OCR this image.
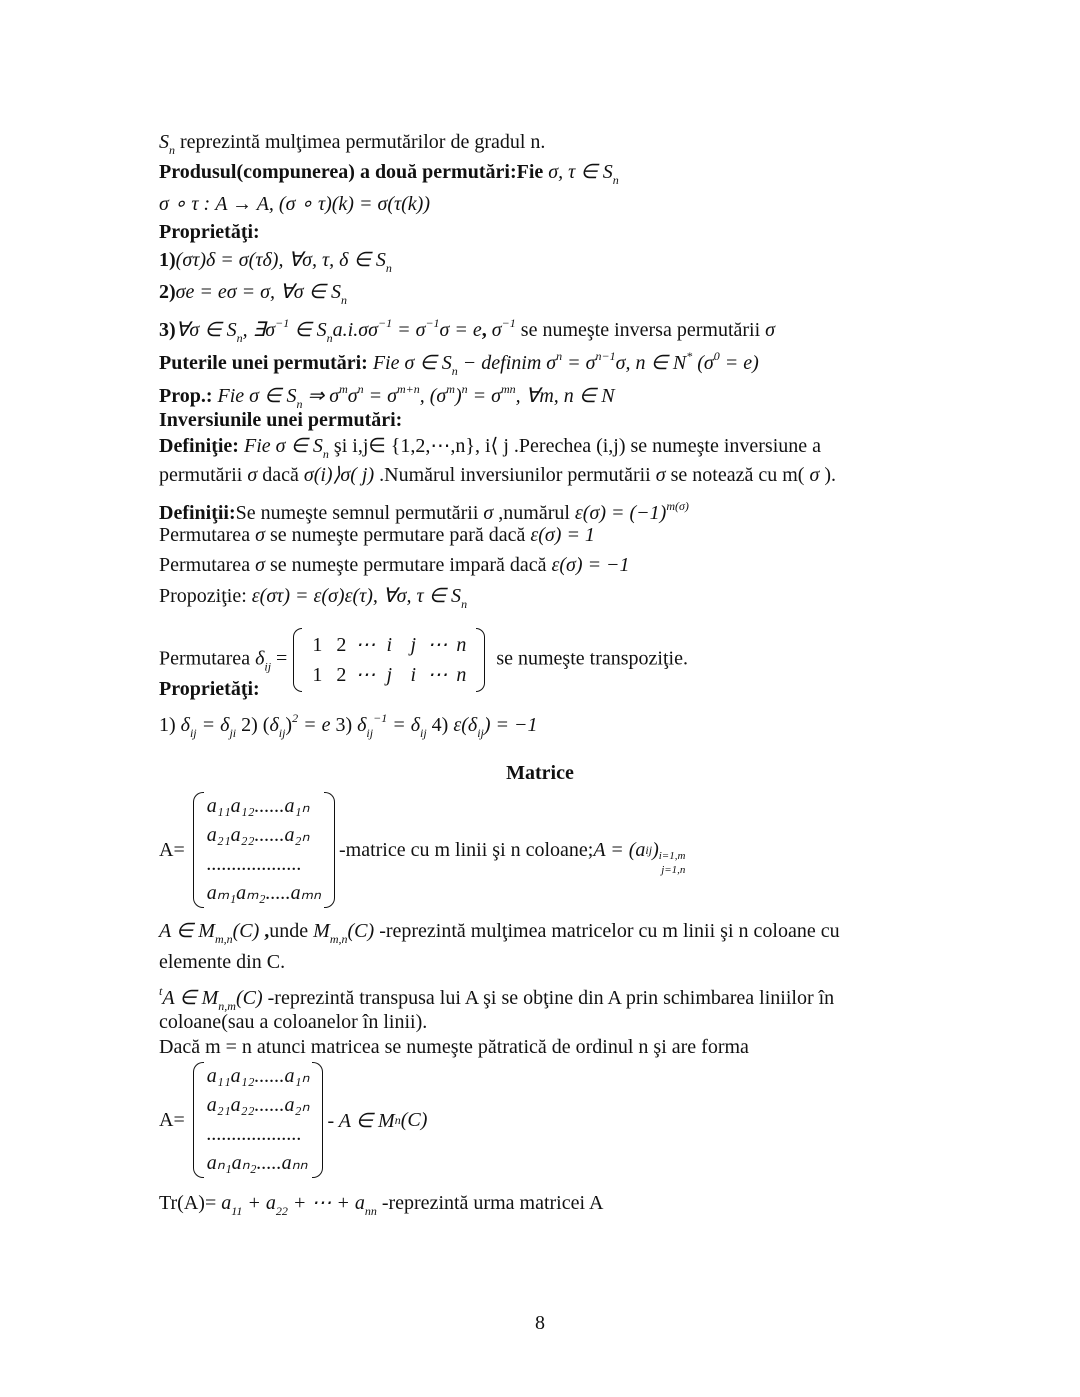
$S_n$ reprezintă mulţimea permutărilor de gradul n.
Produsul(compunerea) a două permutări:Fie σ, τ ∈ $S_n$
σ ∘ τ : A → A, (σ ∘ τ)(k) = σ(τ(k))
Proprietăţi:
1)(στ)δ = σ(τδ), ∀σ, τ, δ ∈ $S_n$
2)σe = eσ = σ, ∀σ ∈ $S_n$
3)∀σ ∈ $S_n$, $\exists\sigma^{-1}$ ∈ $S_na.i.\sigma\sigma^{-1} = \sigma^{-1}\sigma = e$, $\sigma^{-1}$ se numeşte inversa permutării σ
Puterile unei permutări: Fie σ ∈ $S_n$ − definim $\sigma^n = \sigma^{n-1}\sigma$, n ∈ N* $(\sigma^0 = e)$
Prop.: Fie σ ∈ $S_n$ ⇒ $\sigma^m\sigma^n = \sigma^{m+n}$, $(\sigma^m)^n = \sigma^{mn}$, ∀m, n ∈ N
Inversiunile unei permutări:
Definiţie: Fie σ ∈ $S_n$ şi i,j∈ {1,2,⋯,n}, i⟨ j .Perechea (i,j) se numeşte inversiune a
permutării σ dacă σ(i)⟩σ( j) .Numărul inversiunilor permutării σ se notează cu m( σ ).
Definiţii:Se numeşte semnul permutării σ ,numărul $\varepsilon(\sigma) = (-1)^{m(\sigma)}$
Permutarea σ se numeşte permutare pară dacă ε(σ) = 1
Permutarea σ se numeşte permutare impară dacă ε(σ) = −1
Propoziţie: ε(στ) = ε(σ)ε(τ), ∀σ, τ ∈ $S_n$
Proprietăţi:
1) $\delta_{ij} = \delta_{ji}$ 2) $(\delta_{ij})^2 = e$ 3) $\delta_{ij}^{-1} = \delta_{ij}$ 4) $\varepsilon(\delta_{ij}) = -1$
A ∈ $M_{m,n}(C)$ ,unde $M_{m,n}(C)$ -reprezintă mulţimea matricelor cu m linii şi n coloane cu
elemente din C.
$^t$A ∈ $M_{n,m}(C)$ -reprezintă transpusa lui A şi se obţine din A prin schimbarea liniilor în
coloane(sau a coloanelor în linii).
Dacă m = n atunci matricea se numeşte pătratică de ordinul n şi are forma
$Tr(A)= a_{11} + a_{22}$ + ⋯ + $a_{nn}$ -reprezintă urma matricei A
Permutarea $\delta_{ij}$ =
1
1
2
2
⋯
⋯
i
j
j
i
⋯
⋯
n
n
se numeşte transpoziţie.
Matrice
A=
a₁₁a₁₂......a₁ₙ
a₂₁a₂₂......a₂ₙ
...................
aₘ₁aₘ₂.....aₘₙ
-matrice cu m linii şi n coloane; A = (a ij ) i=1,m
j=1,n
A=
a₁₁a₁₂......a₁ₙ
a₂₁a₂₂......a₂ₙ
...................
aₙ₁aₙ₂.....aₙₙ
- A ∈ M n (C)
8
